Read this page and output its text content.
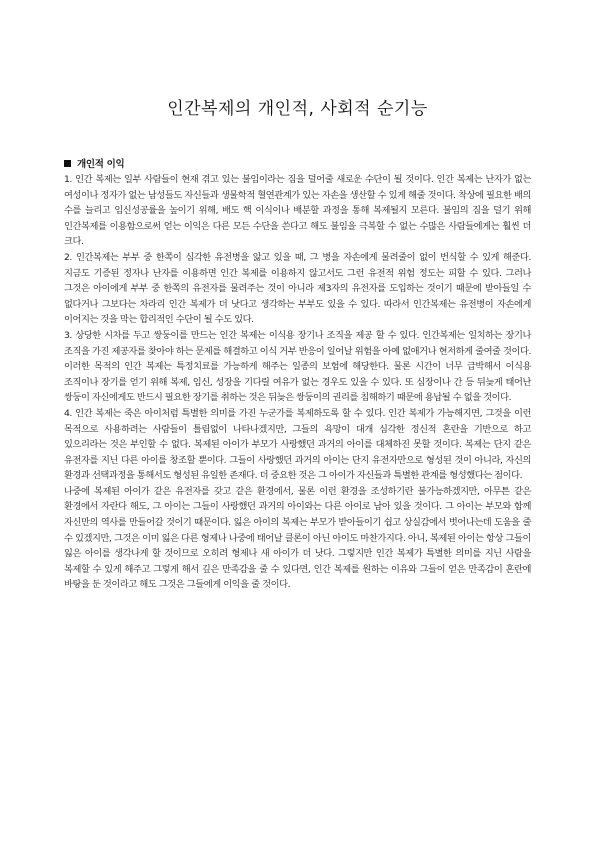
인간복제의 개인적, 사회적 순기능
개인적 이익

1. 인간 복제는 일부 사람들이 현재 겪고 있는 불임이라는 짐을 덜어줄 새로운 수단이 될 것이다. 인간 복제는 난자가 없는 여성이나 정자가 없는 남성들도 자신들과 생물학적 혈연관계가 있는 자손을 생산할 수 있게 해줄 것이다. 착상에 필요한 배의 수를 늘리고 임신성공률을 높이기 위해, 배도 핵 이식이나 배분할 과정을 통해 복제될지 모른다. 불임의 짐을 덜기 위해 인간복제를 이용함으로써 얻는 이익은 다른 모든 수단을 쓴다고 해도 불임을 극복할 수 없는 수많은 사람들에게는 훨씬 더 크다.

2. 인간복제는 부부 중 한쪽이 심각한 유전병을 앓고 있을 때, 그 병을 자손에게 물려줄이 없이 번식할 수 있게 해준다. 지금도 기증된 정자나 난자를 이용하면 인간 복제를 이용하지 않고서도 그런 유전적 위험 정도는 피할 수 있다. 그러나 그것은 아이에게 부부 중 한쪽의 유전자를 물려주는 것이 아니라 제3자의 유전자를 도입하는 것이기 때문에 받아들일 수 없다거나 그보다는 차라리 인간 복제가 더 낫다고 생각하는 부부도 있을 수 있다. 따라서 인간복제는 유전병이 자손에게 이어지는 것을 막는 합리적인 수단이 될 수도 있다.

3. 상당한 시차를 두고 쌍둥이를 만드는 인간 복제는 이식용 장기나 조직을 제공 할 수 있다. 인간복제는 일치하는 장기나 조직을 가진 제공자를 찾아야 하는 문제를 해결하고 이식 거부 반응이 일어날 위험을 아예 없애거나 현저하게 줄여줄 것이다. 이러한 목적의 인간 복제는 특정치료를 가능하게 해주는 일종의 보험에 해당한다. 물론 시간이 너무 급박해서 이식용 조직이나 장기를 얻기 위해 복제, 임신, 성장을 기다릴 여유가 없는 경우도 있을 수 있다. 또 심장이나 간 등 뒤늦게 태어난 쌍둥이 자신에게도 반드시 필요한 장기를 취하는 것은 뒤늦은 쌍둥이의 권리를 침해하기 때문에 용납될 수 없을 것이다.

4. 인간 복제는 죽은 아이처럼 특별한 의미를 가진 누군가를 복제하도록 할 수 있다. 인간 복제가 가능해지면, 그것을 이런 목적으로 사용하려는 사람들이 틀림없이 나타나겠지만, 그들의 욕망이 대개 심각한 정신적 혼란을 기반으로 하고 있으리라는 것은 부인할 수 없다. 복제된 아이가 부모가 사랑했던 과거의 아이를 대체하진 못할 것이다. 복제는 단지 같은 유전자를 지닌 다른 아이를 창조할 뿐이다. 그들이 사랑했던 과거의 아이는 단지 유전자만으로 형성된 것이 아니라, 자신의 환경과 선택과정을 통해서도 형성된 유일한 존재다. 더 중요한 것은 그 아이가 자신들과 특별한 관계를 형성했다는 점이다.

나중에 복제된 아이가 같은 유전자를 갖고 같은 환경에서, 물론 이런 환경을 조성하기란 불가능하겠지만, 아무튼 같은 환경에서 자란다 해도, 그 아이는 그들이 사랑했던 과거의 아이와는 다른 아이로 남아 있을 것이다. 그 아이는 부모와 함께 자신만의 역사를 만들어갈 것이기 때문이다. 잃은 아이의 복제는 부모가 받아들이기 쉽고 상실감에서 벗어나는데 도움을 줄 수 있겠지만, 그것은 이미 잃은 다른 형제나 나중에 태어날 클론이 아닌 아이도 마찬가지다. 아니, 복제된 아이는 항상 그들이 잃은 아이를 생각나게 할 것이므로 오히려 형제나 새 아이가 더 낫다. 그렇지만 인간 복제가 특별한 의미를 지닌 사람을 복제할 수 있게 해주고 그렇게 해서 깊은 만족감을 줄 수 있다면, 인간 복제를 원하는 이유와 그들이 얻은 만족감이 혼란에 바탕을 둔 것이라고 해도 그것은 그들에게 이익을 줄 것이다.
